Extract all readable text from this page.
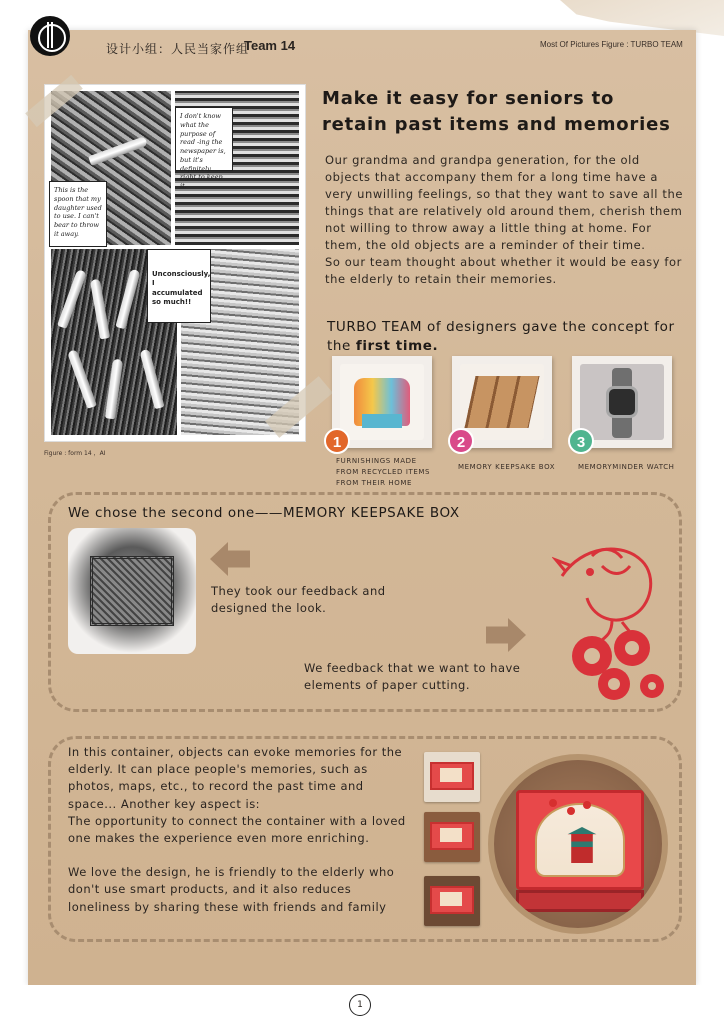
设计小组：人民当家作组
Team 14	Most Of Pictures Figure : TURBO TEAM
I don't know what the purpose of read -ing the newspaper is, but it's definitely right to keep it.
This is the spoon that my daughter used to use. I can't bear to throw it away.
Unconsciously, I accumulated so much!!
Figure : form 14 ，AI
Make it easy for seniors to retain past items and memories
Our grandma and grandpa generation, for the old objects that accompany them for a long time have a very unwilling feelings, so that they want to save all the things that are relatively old around them, cherish them not willing to throw away a little thing at home. For them, the old objects are a reminder of their time.
So our team thought about whether it would be easy for the elderly to retain their memories.
TURBO TEAM of designers gave the concept for the first time.
1
FURNISHINGS MADE FROM RECYCLED ITEMS FROM THEIR HOME
2
MEMORY KEEPSAKE BOX
3
MEMORYMINDER WATCH
We chose the second one——MEMORY KEEPSAKE BOX
They took our feedback and designed the look.
We feedback that we want to have elements of paper cutting.

In this container, objects can evoke memories for the elderly. It can place people's memories, such as photos, maps, etc., to record the past time and space... Another key aspect is:
The opportunity to connect the container with a loved one makes the experience even more enriching.

We love the design, he is friendly to the elderly who don't use smart products, and it also reduces loneliness by sharing these with friends and family

1
